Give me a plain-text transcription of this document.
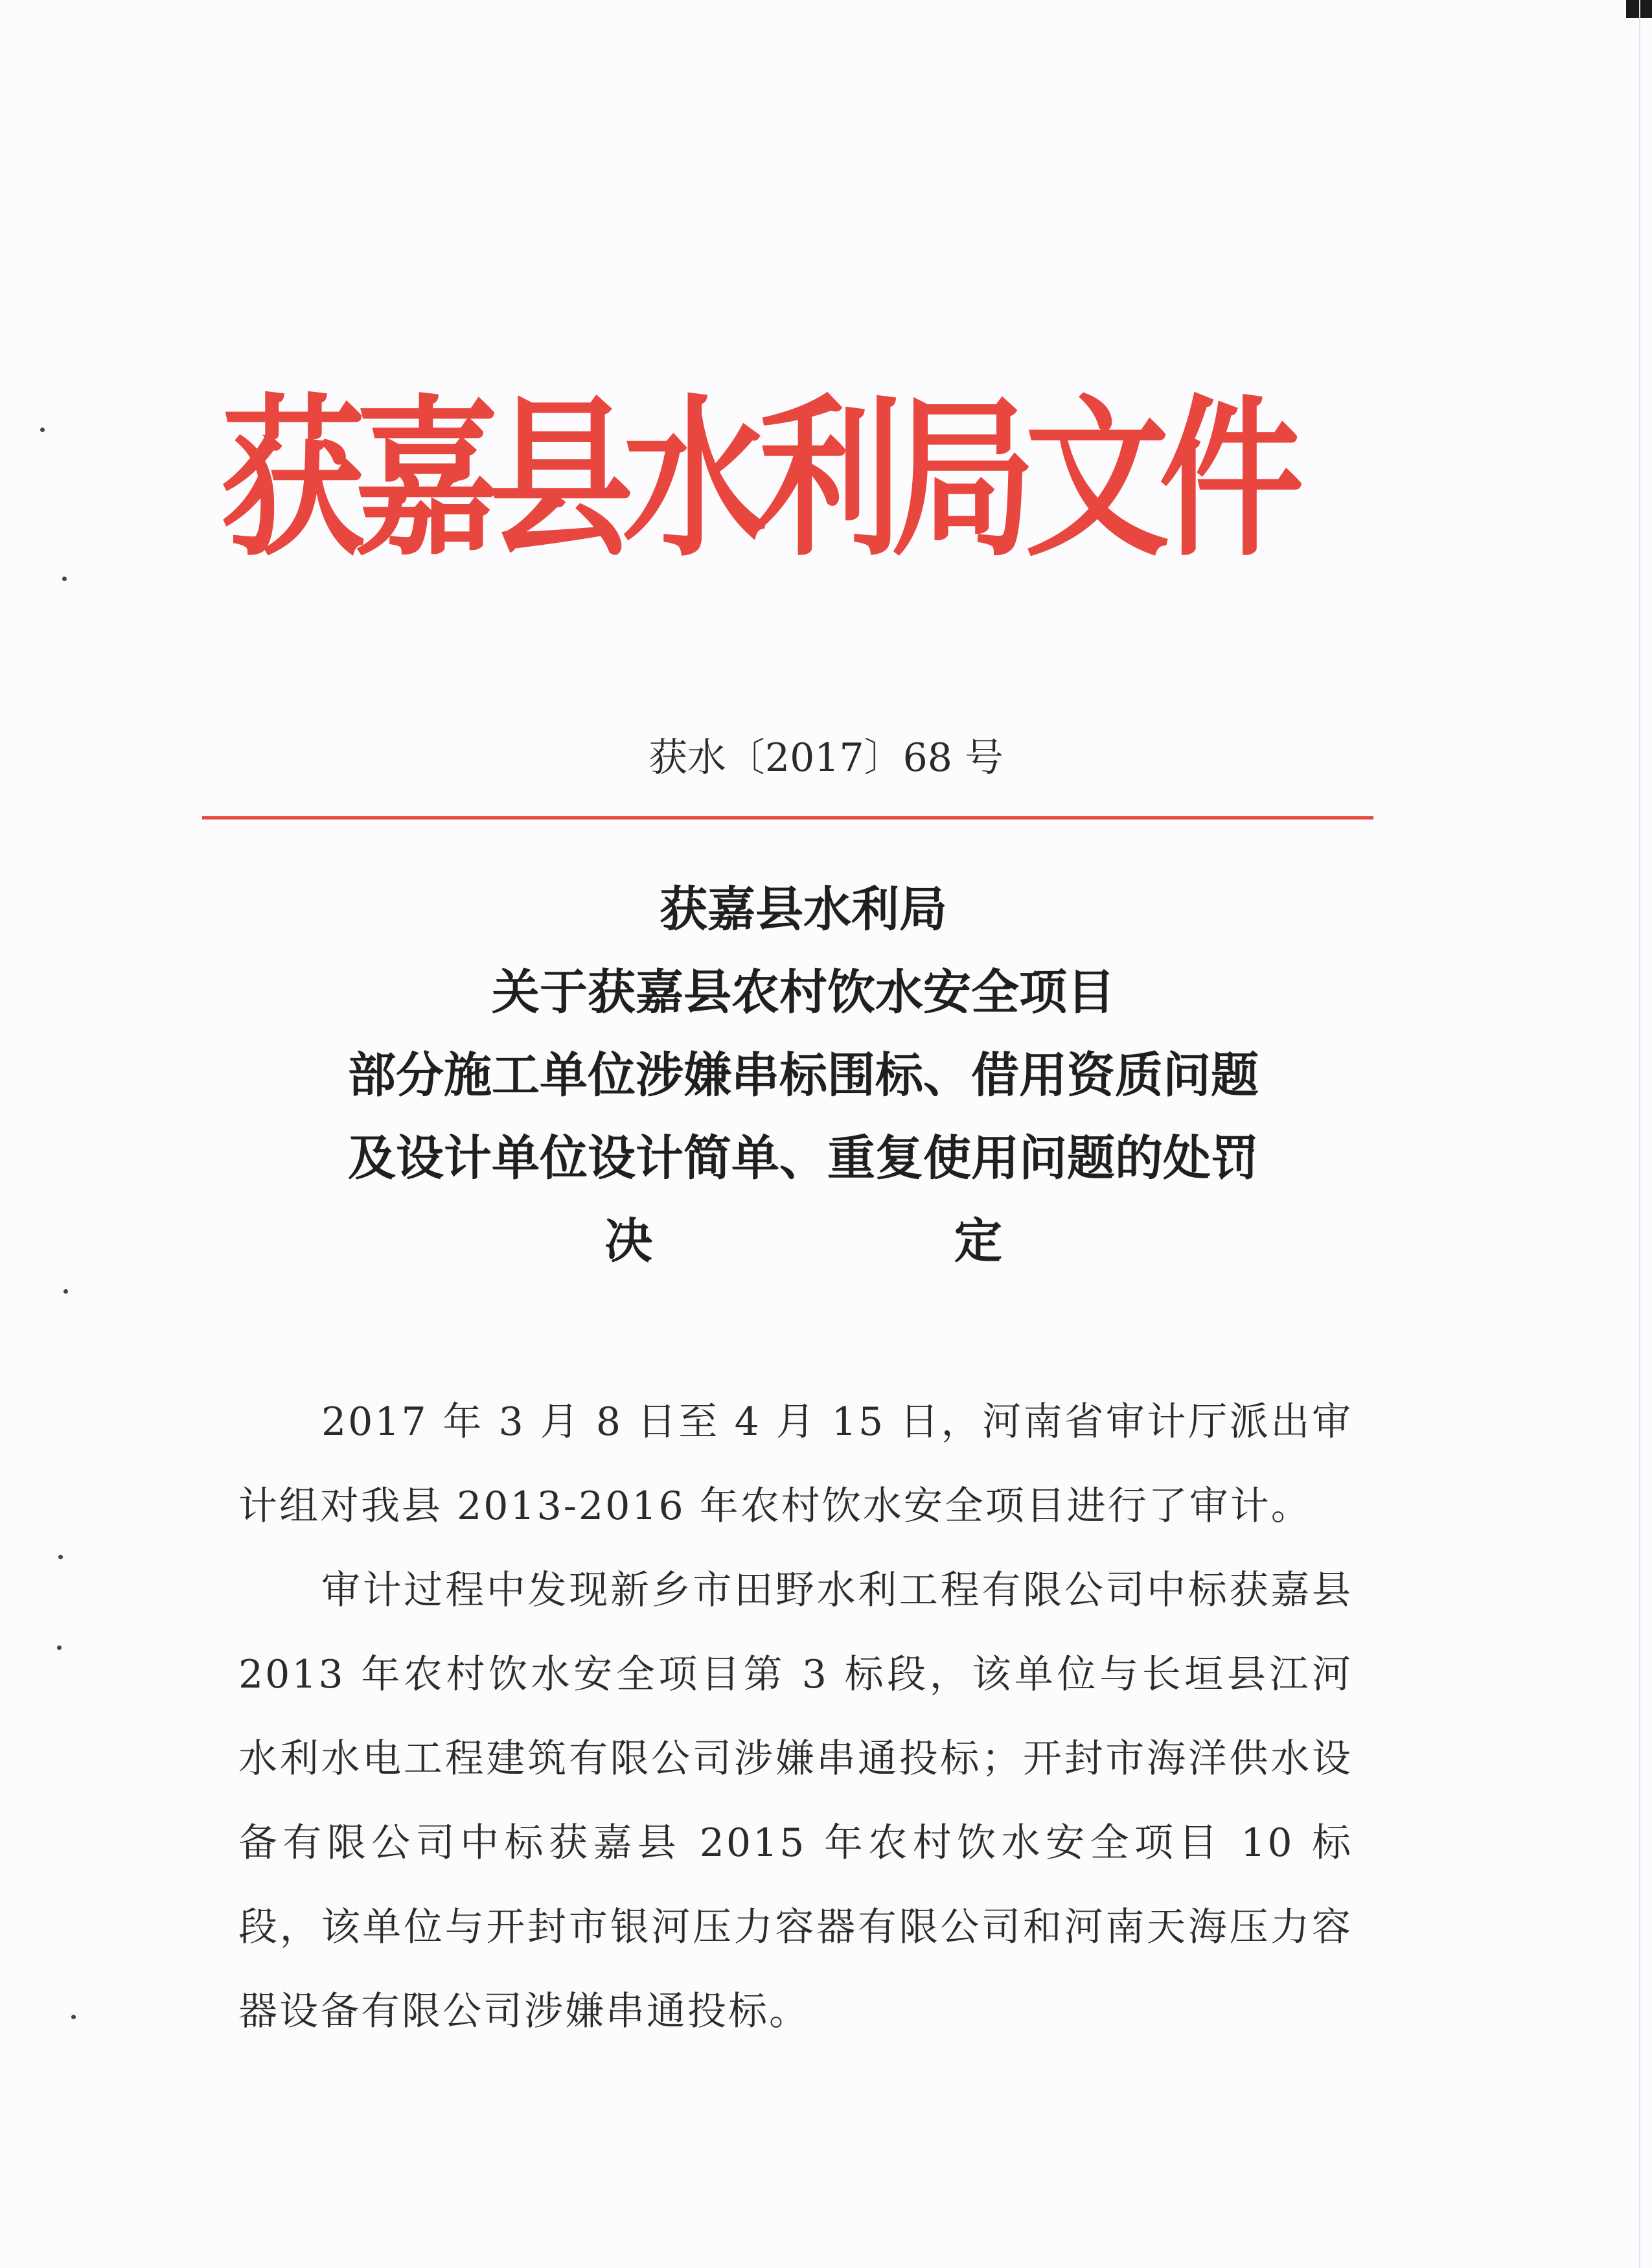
获嘉县水利局文件
获水〔2017〕68 号
获嘉县水利局
关于获嘉县农村饮水安全项目
部分施工单位涉嫌串标围标、借用资质问题
及设计单位设计简单、重复使用问题的处罚
决 定

2017 年 3 月 8 日至 4 月 15 日，河南省审计厅派出审计组对我县 2013-2016 年农村饮水安全项目进行了审计。

审计过程中发现新乡市田野水利工程有限公司中标获嘉县 2013 年农村饮水安全项目第 3 标段，该单位与长垣县江河水利水电工程建筑有限公司涉嫌串通投标；开封市海洋供水设备有限公司中标获嘉县 2015 年农村饮水安全项目 10 标段，该单位与开封市银河压力容器有限公司和河南天海压力容器设备有限公司涉嫌串通投标。
